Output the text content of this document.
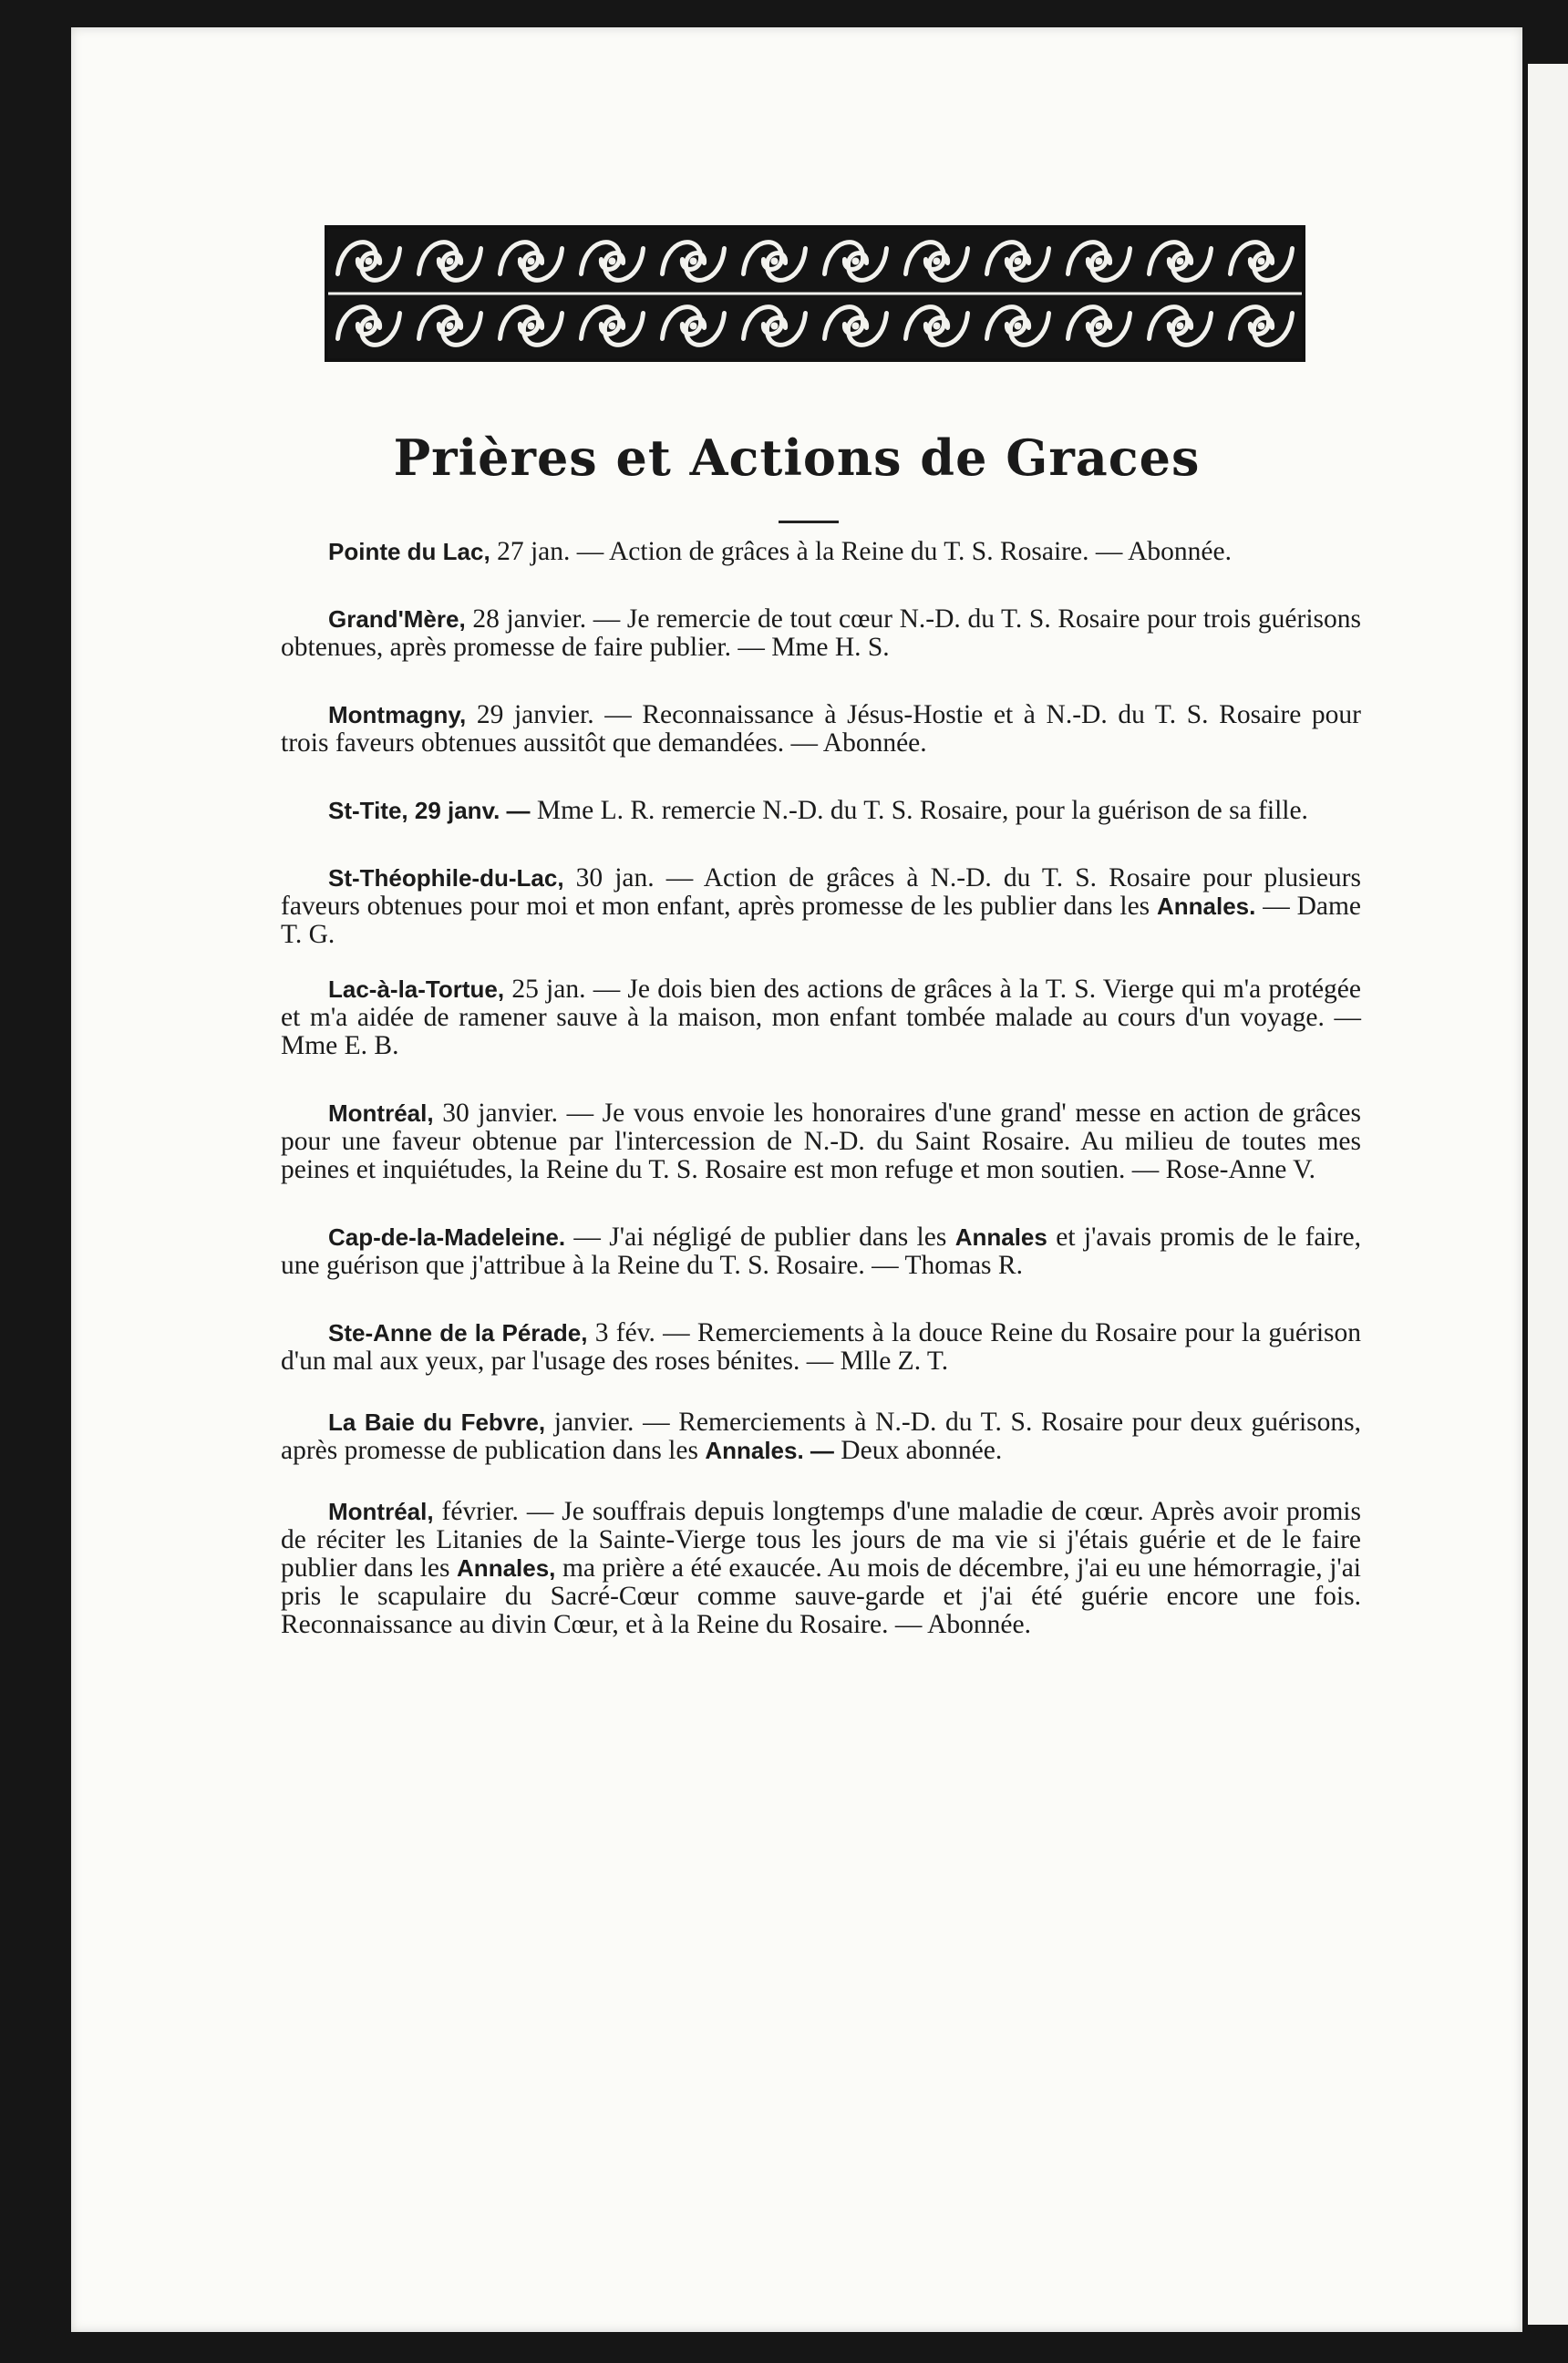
Prières et Actions de Graces

Pointe du Lac, 27 jan. — Action de grâces à la Reine du T. S. Rosaire. — Abonnée.

Grand'Mère, 28 janvier. — Je remercie de tout cœur N.-D. du T. S. Rosaire pour trois guérisons obtenues, après promesse de faire publier. — Mme H. S.

Montmagny, 29 janvier. — Reconnaissance à Jésus-Hostie et à N.-D. du T. S. Rosaire pour trois faveurs obtenues aussitôt que demandées. — Abonnée.

St-Tite, 29 janv. — Mme L. R. remercie N.-D. du T. S. Rosaire, pour la guérison de sa fille.

St-Théophile-du-Lac, 30 jan. — Action de grâces à N.-D. du T. S. Rosaire pour plusieurs faveurs obtenues pour moi et mon enfant, après promesse de les publier dans les Annales. — Dame T. G.

Lac-à-la-Tortue, 25 jan. — Je dois bien des actions de grâces à la T. S. Vierge qui m'a protégée et m'a aidée de ramener sauve à la maison, mon enfant tombée malade au cours d'un voyage. — Mme E. B.

Montréal, 30 janvier. — Je vous envoie les honoraires d'une grand' messe en action de grâces pour une faveur obtenue par l'intercession de N.-D. du Saint Rosaire. Au milieu de toutes mes peines et inquiétudes, la Reine du T. S. Rosaire est mon refuge et mon soutien. — Rose-Anne V.

Cap-de-la-Madeleine. — J'ai négligé de publier dans les Annales et j'avais promis de le faire, une guérison que j'attribue à la Reine du T. S. Rosaire. — Thomas R.

Ste-Anne de la Pérade, 3 fév. — Remerciements à la douce Reine du Rosaire pour la guérison d'un mal aux yeux, par l'usage des roses bénites. — Mlle Z. T.

La Baie du Febvre, janvier. — Remerciements à N.-D. du T. S. Rosaire pour deux guérisons, après promesse de publication dans les Annales. — Deux abonnée.

Montréal, février. — Je souffrais depuis longtemps d'une maladie de cœur. Après avoir promis de réciter les Litanies de la Sainte-Vierge tous les jours de ma vie si j'étais guérie et de le faire publier dans les Annales, ma prière a été exaucée. Au mois de décembre, j'ai eu une hémorragie, j'ai pris le scapulaire du Sacré-Cœur comme sauve-garde et j'ai été guérie encore une fois. Reconnaissance au divin Cœur, et à la Reine du Rosaire. — Abonnée.
